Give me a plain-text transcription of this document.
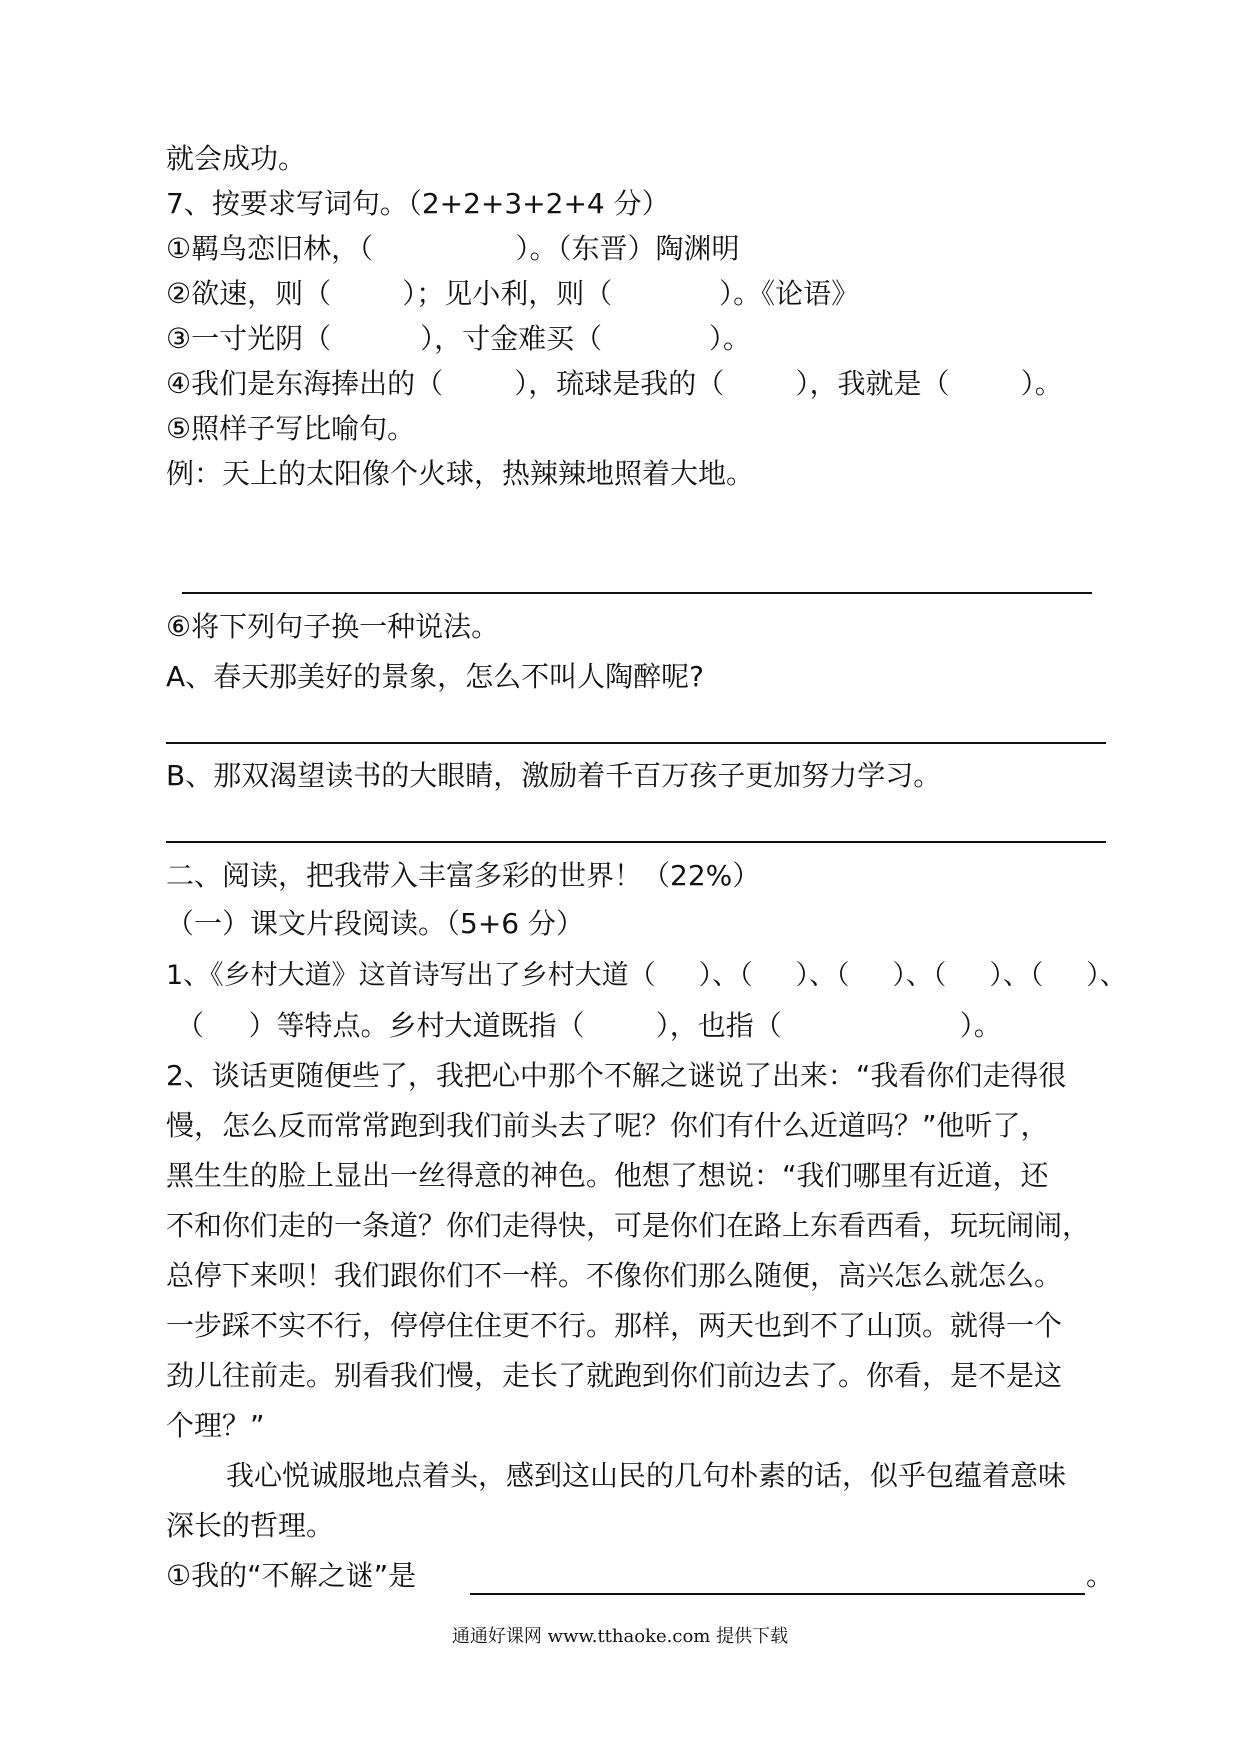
就会成功。
7、按要求写词句。（2+2+3+2+4 分）
①羁鸟恋旧林，（                ）。（东晋）陶渊明
②欲速，则（        ）；见小利，则（            ）。《论语》
③一寸光阴（          ），寸金难买（            ）。
④我们是东海捧出的（        ），琉球是我的（        ），我就是（        ）。
⑤照样子写比喻句。
例：天上的太阳像个火球，热辣辣地照着大地。
⑥将下列句子换一种说法。
A、春天那美好的景象，怎么不叫人陶醉呢?
B、那双渴望读书的大眼睛，激励着千百万孩子更加努力学习。
二、阅读，把我带入丰富多彩的世界！（22%）
（一）课文片段阅读。（5+6 分）
1、《乡村大道》这首诗写出了乡村大道（     ）、（     ）、（     ）、（     ）、（     ）、
（     ）等特点。乡村大道既指（        ），也指（                    ）。
2、谈话更随便些了，我把心中那个不解之谜说了出来：“我看你们走得很
慢，怎么反而常常跑到我们前头去了呢？你们有什么近道吗？”他听了，
黑生生的脸上显出一丝得意的神色。他想了想说：“我们哪里有近道，还
不和你们走的一条道？你们走得快，可是你们在路上东看西看，玩玩闹闹，
总停下来呗！我们跟你们不一样。不像你们那么随便，高兴怎么就怎么。
一步踩不实不行，停停住住更不行。那样，两天也到不了山顶。就得一个
劲儿往前走。别看我们慢，走长了就跑到你们前边去了。你看，是不是这
个理？”
我心悦诚服地点着头，感到这山民的几句朴素的话，似乎包蕴着意味
深长的哲理。
①我的“不解之谜”是	。
通通好课网 www.tthaoke.com 提供下载
